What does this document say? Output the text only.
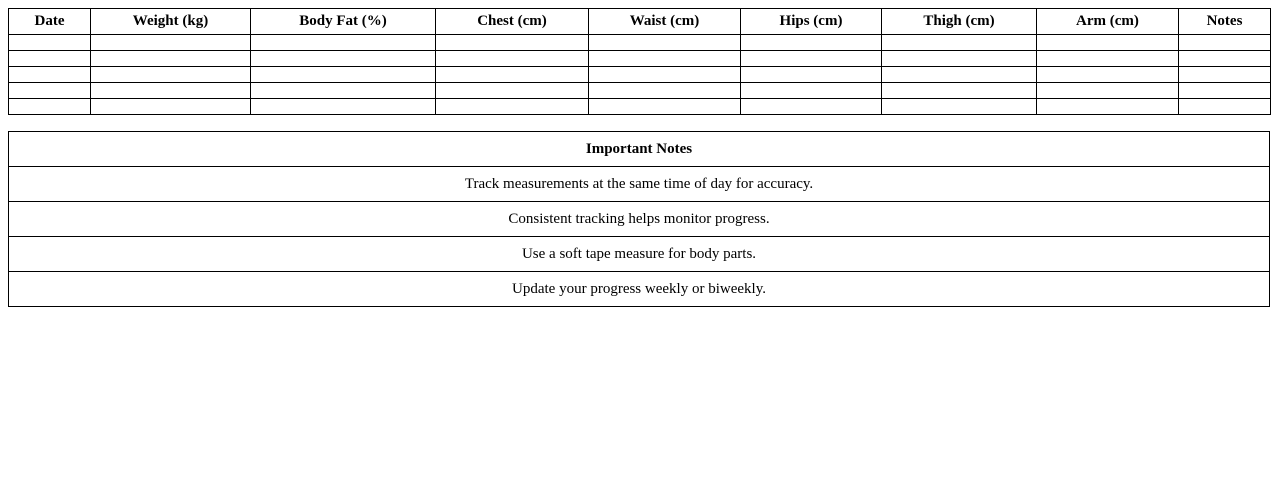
Date	Weight (kg)	Body Fat (%)	Chest (cm)	Waist (cm)	Hips (cm)	Thigh (cm)	Arm (cm)	Notes

Important Notes
Track measurements at the same time of day for accuracy.
Consistent tracking helps monitor progress.
Use a soft tape measure for body parts.
Update your progress weekly or biweekly.
